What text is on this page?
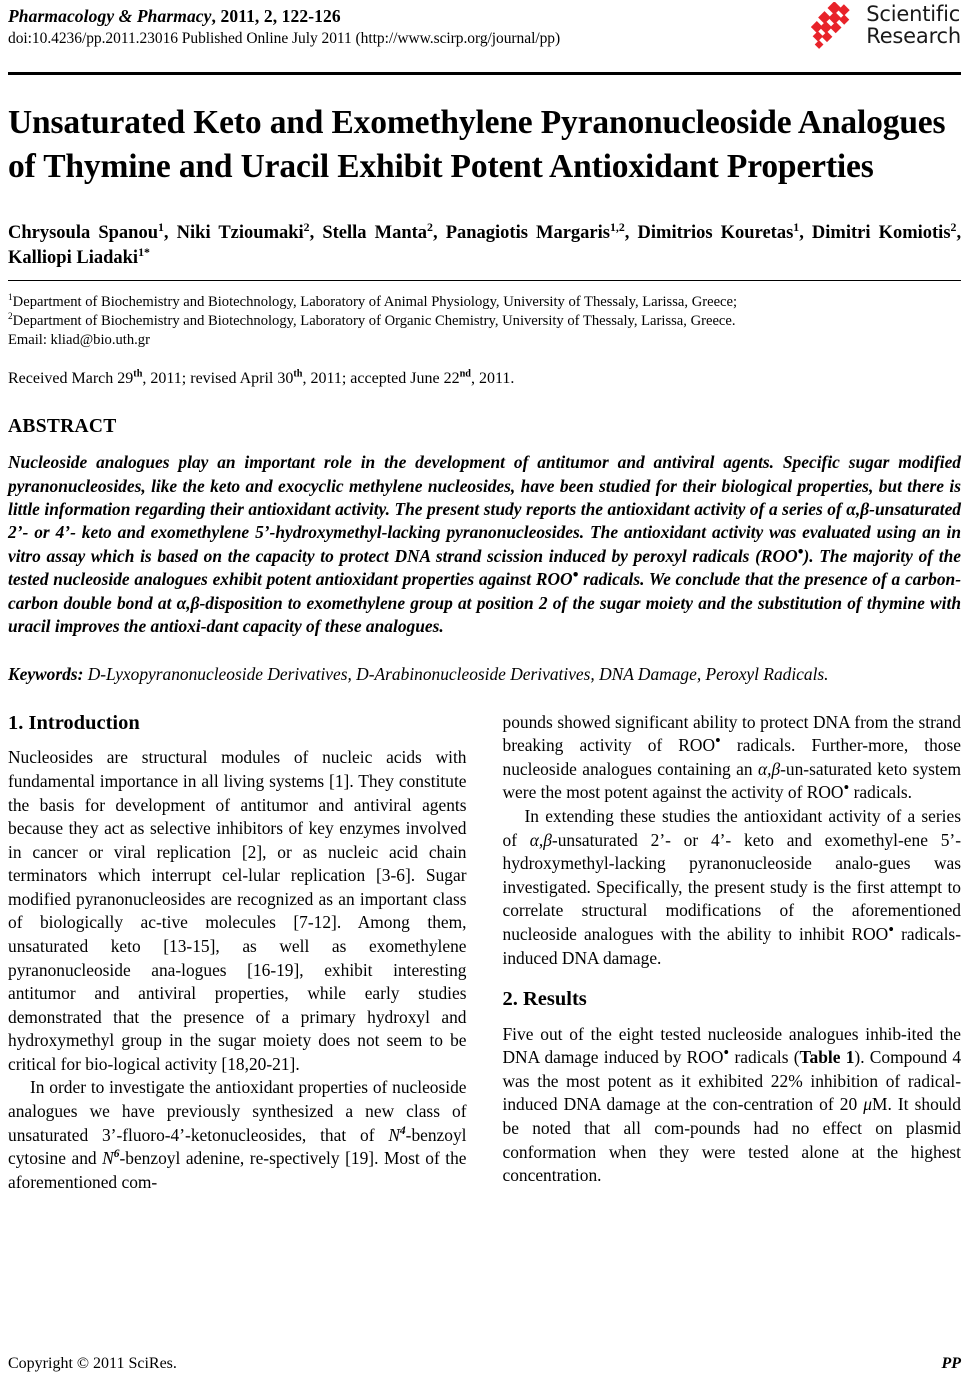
Pharmacology & Pharmacy, 2011, 2, 122-126
doi:10.4236/pp.2011.23016 Published Online July 2011 (http://www.scirp.org/journal/pp)
Scientific
Research
Unsaturated Keto and Exomethylene Pyranonucleoside Analogues of Thymine and Uracil Exhibit Potent Antioxidant Properties
Chrysoula Spanou$^1$, Niki Tzioumaki$^2$, Stella Manta$^2$, Panagiotis Margaris$^{1,2}$, Dimitrios Kouretas$^1$, Dimitri Komiotis$^2$, Kalliopi Liadaki$^{1*}$
$^1$Department of Biochemistry and Biotechnology, Laboratory of Animal Physiology, University of Thessaly, Larissa, Greece;
$^2$Department of Biochemistry and Biotechnology, Laboratory of Organic Chemistry, University of Thessaly, Larissa, Greece.
Email: kliad@bio.uth.gr
Received March 29th, 2011; revised April 30th, 2011; accepted June 22nd, 2011.
ABSTRACT
Nucleoside analogues play an important role in the development of antitumor and antiviral agents. Specific sugar modified pyranonucleosides, like the keto and exocyclic methylene nucleosides, have been studied for their biological properties, but there is little information regarding their antioxidant activity. The present study reports the antioxidant activity of a series of α,β-unsaturated 2’- or 4’- keto and exomethylene 5’-hydroxymethyl-lacking pyranonucleosides. The antioxidant activity was evaluated using an in vitro assay which is based on the capacity to protect DNA strand scission induced by peroxyl radicals (ROO•). The majority of the tested nucleoside analogues exhibit potent antioxidant properties against ROO• radicals. We conclude that the presence of a carbon-carbon double bond at α,β-disposition to exomethylene group at position 2 of the sugar moiety and the substitution of thymine with uracil improves the antioxi-dant capacity of these analogues.
Keywords: D-Lyxopyranonucleoside Derivatives, D-Arabinonucleoside Derivatives, DNA Damage, Peroxyl Radicals.
1. Introduction

Nucleosides are structural modules of nucleic acids with fundamental importance in all living systems [1]. They constitute the basis for development of antitumor and antiviral agents because they act as selective inhibitors of key enzymes involved in cancer or viral replication [2], or as nucleic acid chain terminators which interrupt cel-lular replication [3-6]. Sugar modified pyranonucleosides are recognized as an important class of biologically ac-tive molecules [7-12]. Among them, unsaturated keto [13-15], as well as exomethylene pyranonucleoside ana-logues [16-19], exhibit interesting antitumor and antiviral properties, while early studies demonstrated that the presence of a primary hydroxyl and hydroxymethyl group in the sugar moiety does not seem to be critical for bio-logical activity [18,20-21].

In order to investigate the antioxidant properties of nucleoside analogues we have previously synthesized a new class of unsaturated 3’-fluoro-4’-ketonucleosides, that of $N^4$-benzoyl cytosine and $N^6$-benzoyl adenine, re-spectively [19]. Most of the aforementioned com-

pounds showed significant ability to protect DNA from the strand breaking activity of ROO• radicals. Further-more, those nucleoside analogues containing an α,β-un-saturated keto system were the most potent against the activity of ROO• radicals.

In extending these studies the antioxidant activity of a series of α,β-unsaturated 2’- or 4’- keto and exomethyl-ene 5’-hydroxymethyl-lacking pyranonucleoside analo-gues was investigated. Specifically, the present study is the first attempt to correlate structural modifications of the aforementioned nucleoside analogues with the ability to inhibit ROO• radicals-induced DNA damage.

2. Results

Five out of the eight tested nucleoside analogues inhib-ited the DNA damage induced by ROO• radicals (Table 1). Compound 4 was the most potent as it exhibited 22% inhibition of radical-induced DNA damage at the con-centration of 20 μM. It should be noted that all com-pounds had no effect on plasmid conformation when they were tested alone at the highest concentration.

Copyright © 2011 SciRes.	PP
